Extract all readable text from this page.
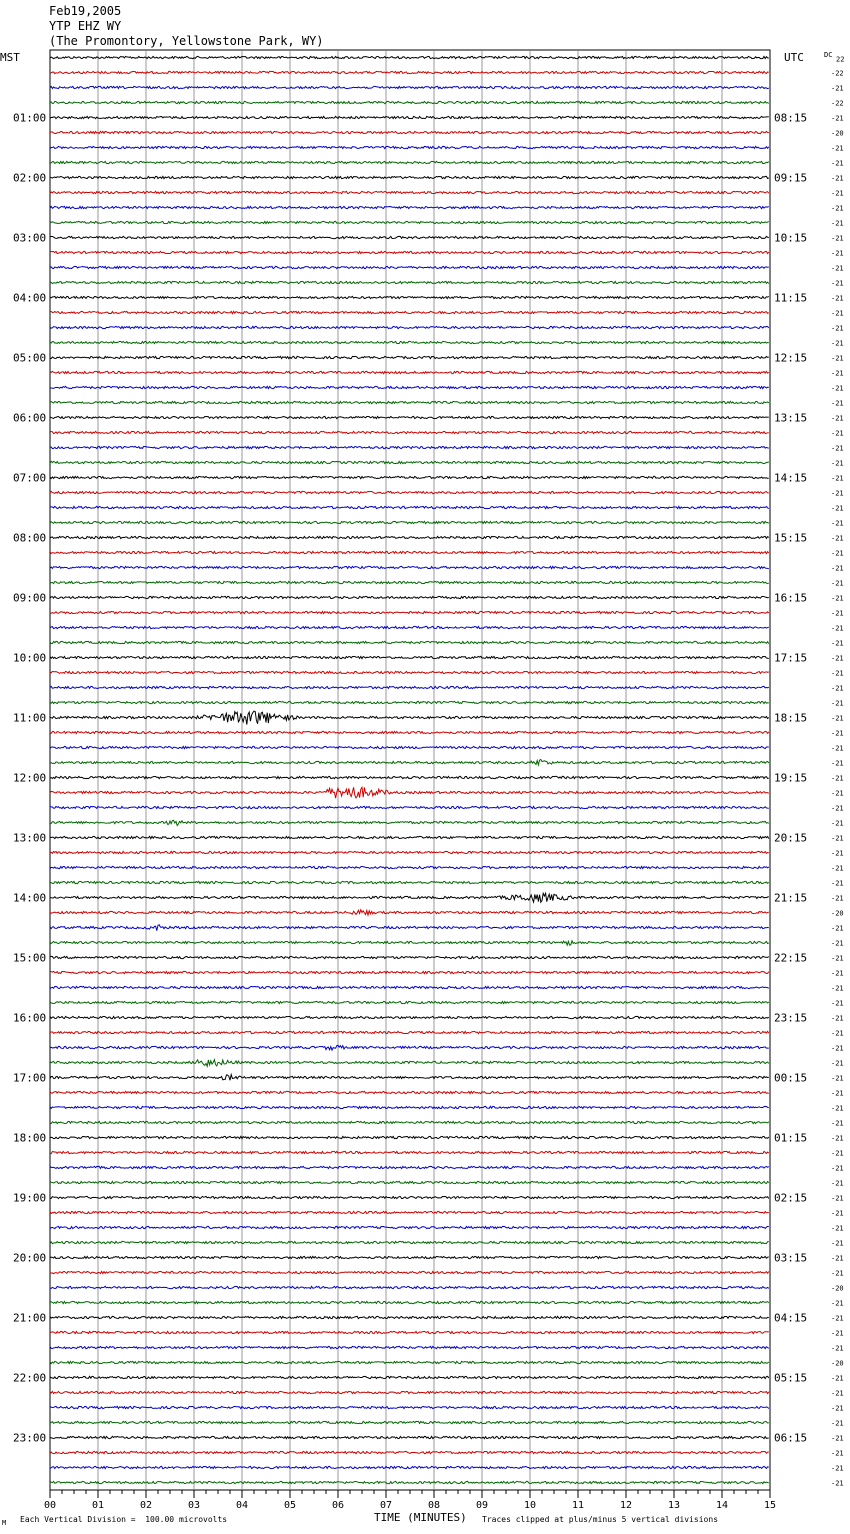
Feb19,2005
YTP EHZ WY
(The Promontory, Yellowstone Park, WY)
MST	UTC	DC
01:00
02:00
03:00
04:00
05:00
06:00
07:00
08:00
09:00
10:00
11:00
12:00
13:00
14:00
15:00
16:00
17:00
18:00
19:00
20:00
21:00
22:00
23:00
08:15
09:15
10:15
11:15
12:15
13:15
14:15
15:15
16:15
17:15
18:15
19:15
20:15
21:15
22:15
23:15
00:15
01:15
02:15
03:15
04:15
05:15
06:15
22
-22
-21
-22
-21
-20
-21
-21
-21
-21
-21
-21
-21
-21
-21
-21
-21
-21
-21
-21
-21
-21
-21
-21
-21
-21
-21
-21
-21
-21
-21
-21
-21
-21
-21
-21
-21
-21
-21
-21
-21
-21
-21
-21
-21
-21
-21
-21
-21
-21
-21
-21
-21
-21
-21
-21
-21
-20
-21
-21
-21
-21
-21
-21
-21
-21
-21
-21
-21
-21
-21
-21
-21
-21
-21
-21
-21
-21
-21
-21
-21
-21
-20
-21
-21
-21
-21
-20
-21
-21
-21
-21
-21
-21
-21
-21
00	01	02	03	04	05	06	07	08	09	10	11	12	13	14	15
Each Vertical Division =  100.00 microvolts	TIME (MINUTES) Traces clipped at plus/minus 5 vertical divisions
M
